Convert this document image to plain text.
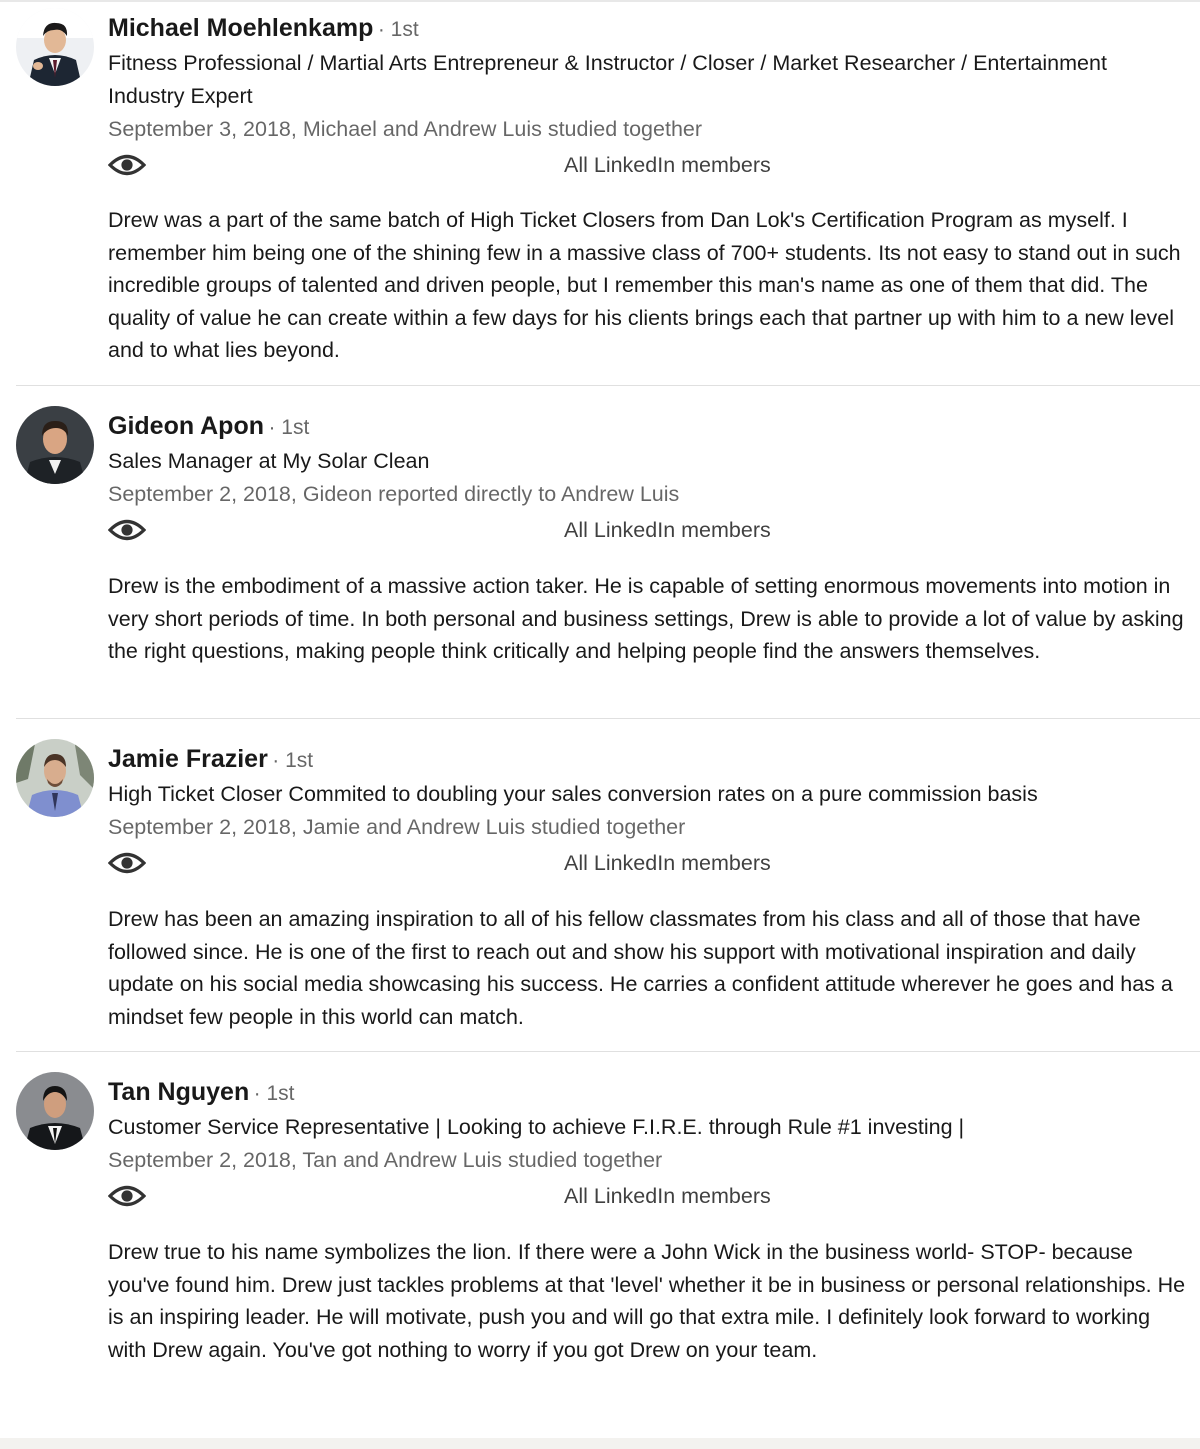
Michael Moehlenkamp · 1st
Fitness Professional / Martial Arts Entrepreneur & Instructor / Closer / Market Researcher / Entertainment Industry Expert
September 3, 2018, Michael and Andrew Luis studied together
All LinkedIn members
Drew was a part of the same batch of High Ticket Closers from Dan Lok's Certification Program as myself. I remember him being one of the shining few in a massive class of 700+ students. Its not easy to stand out in such incredible groups of talented and driven people, but I remember this man's name as one of them that did. The quality of value he can create within a few days for his clients brings each that partner up with him to a new level and to what lies beyond.
Gideon Apon · 1st
Sales Manager at My Solar Clean
September 2, 2018, Gideon reported directly to Andrew Luis
All LinkedIn members
Drew is the embodiment of a massive action taker. He is capable of setting enormous movements into motion in very short periods of time. In both personal and business settings, Drew is able to provide a lot of value by asking the right questions, making people think critically and helping people find the answers themselves.
Jamie Frazier · 1st
High Ticket Closer Commited to doubling your sales conversion rates on a pure commission basis
September 2, 2018, Jamie and Andrew Luis studied together
All LinkedIn members
Drew has been an amazing inspiration to all of his fellow classmates from his class and all of those that have followed since. He is one of the first to reach out and show his support with motivational inspiration and daily update on his social media showcasing his success. He carries a confident attitude wherever he goes and has a mindset few people in this world can match.
Tan Nguyen · 1st
Customer Service Representative | Looking to achieve F.I.R.E. through Rule #1 investing |
September 2, 2018, Tan and Andrew Luis studied together
All LinkedIn members
Drew true to his name symbolizes the lion. If there were a John Wick in the business world- STOP- because you've found him. Drew just tackles problems at that 'level' whether it be in business or personal relationships. He is an inspiring leader. He will motivate, push you and will go that extra mile. I definitely look forward to working with Drew again. You've got nothing to worry if you got Drew on your team.
